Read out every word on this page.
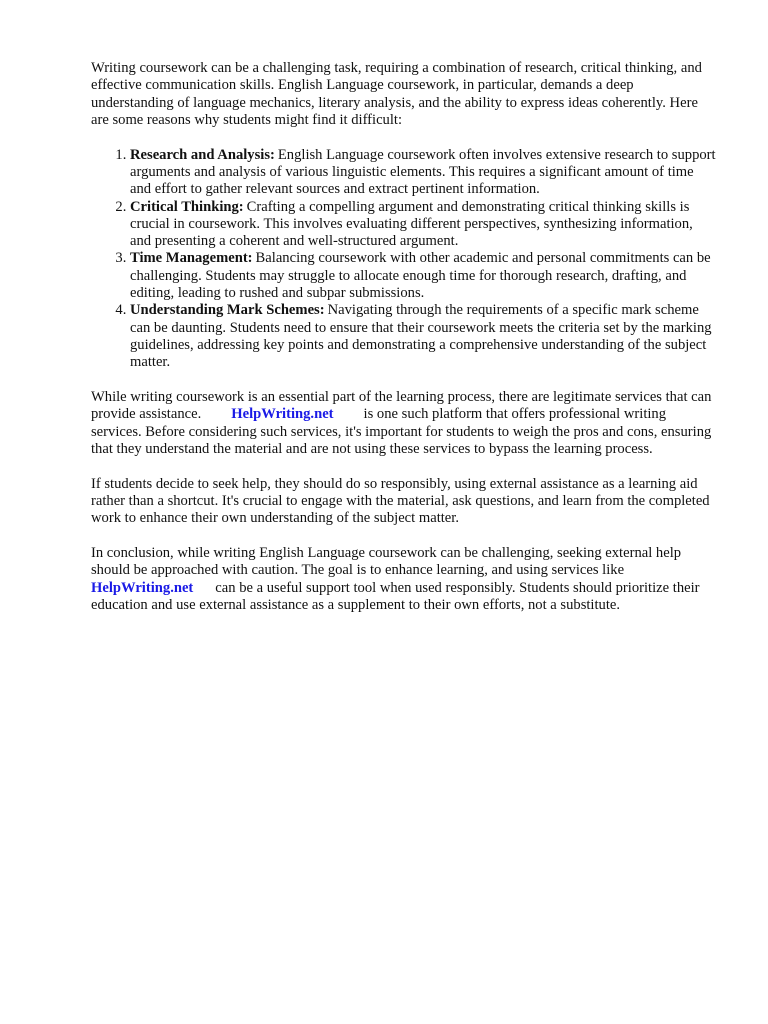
Writing coursework can be a challenging task, requiring a combination of research, critical thinking, and effective communication skills. English Language coursework, in particular, demands a deep understanding of language mechanics, literary analysis, and the ability to express ideas coherently. Here are some reasons why students might find it difficult:

1. Research and Analysis: English Language coursework often involves extensive research to support arguments and analysis of various linguistic elements. This requires a significant amount of time and effort to gather relevant sources and extract pertinent information.
2. Critical Thinking: Crafting a compelling argument and demonstrating critical thinking skills is crucial in coursework. This involves evaluating different perspectives, synthesizing information, and presenting a coherent and well-structured argument.
3. Time Management: Balancing coursework with other academic and personal commitments can be challenging. Students may struggle to allocate enough time for thorough research, drafting, and editing, leading to rushed and subpar submissions.
4. Understanding Mark Schemes: Navigating through the requirements of a specific mark scheme can be daunting. Students need to ensure that their coursework meets the criteria set by the marking guidelines, addressing key points and demonstrating a comprehensive understanding of the subject matter.

While writing coursework is an essential part of the learning process, there are legitimate services that can provide assistance. HelpWriting.net is one such platform that offers professional writing services. Before considering such services, it's important for students to weigh the pros and cons, ensuring that they understand the material and are not using these services to bypass the learning process.

If students decide to seek help, they should do so responsibly, using external assistance as a learning aid rather than a shortcut. It's crucial to engage with the material, ask questions, and learn from the completed work to enhance their own understanding of the subject matter.

In conclusion, while writing English Language coursework can be challenging, seeking external help should be approached with caution. The goal is to enhance learning, and using services like HelpWriting.net can be a useful support tool when used responsibly. Students should prioritize their education and use external assistance as a supplement to their own efforts, not a substitute.
